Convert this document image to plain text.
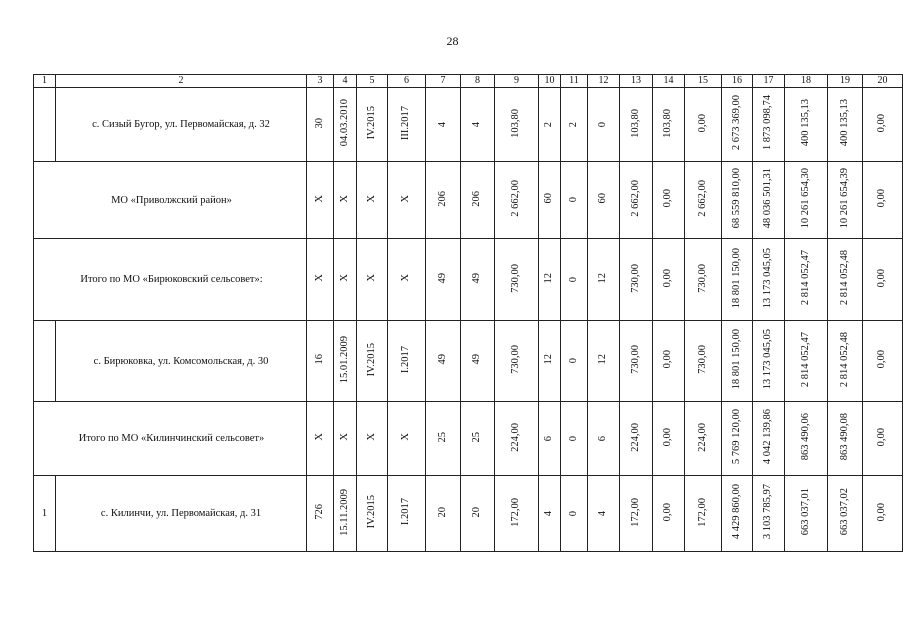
28
1	2	3	4	5	6	7	8	9	10	11	12	13	14	15	16	17	18	19	20
	с. Сизый Бугор, ул. Первомайская, д. 32	30	04.03.2010	IV.2015	III.2017	4	4	103,80	2	2	0	103,80	103,80	0,00	2 673 369,00	1 873 098,74	400 135,13	400 135,13	0,00
МО «Приволжский район»		Х	Х	Х	Х	206	206	2 662,00	60	0	60	2 662,00	0,00	2 662,00	68 559 810,00	48 036 501,31	10 261 654,30	10 261 654,39	0,00
Итого по МО «Бирюковский сельсовет»:		Х	Х	Х	Х	49	49	730,00	12	0	12	730,00	0,00	730,00	18 801 150,00	13 173 045,05	2 814 052,47	2 814 052,48	0,00
	с. Бирюковка, ул. Комсомольская, д. 30	16	15.01.2009	IV.2015	I.2017	49	49	730,00	12	0	12	730,00	0,00	730,00	18 801 150,00	13 173 045,05	2 814 052,47	2 814 052,48	0,00
Итого по МО «Килинчинский сельсовет»		Х	Х	Х	Х	25	25	224,00	6	0	6	224,00	0,00	224,00	5 769 120,00	4 042 139,86	863 490,06	863 490,08	0,00
1	с. Килинчи, ул. Первомайская, д. 31	726	15.11.2009	IV.2015	I.2017	20	20	172,00	4	0	4	172,00	0,00	172,00	4 429 860,00	3 103 785,97	663 037,01	663 037,02	0,00
